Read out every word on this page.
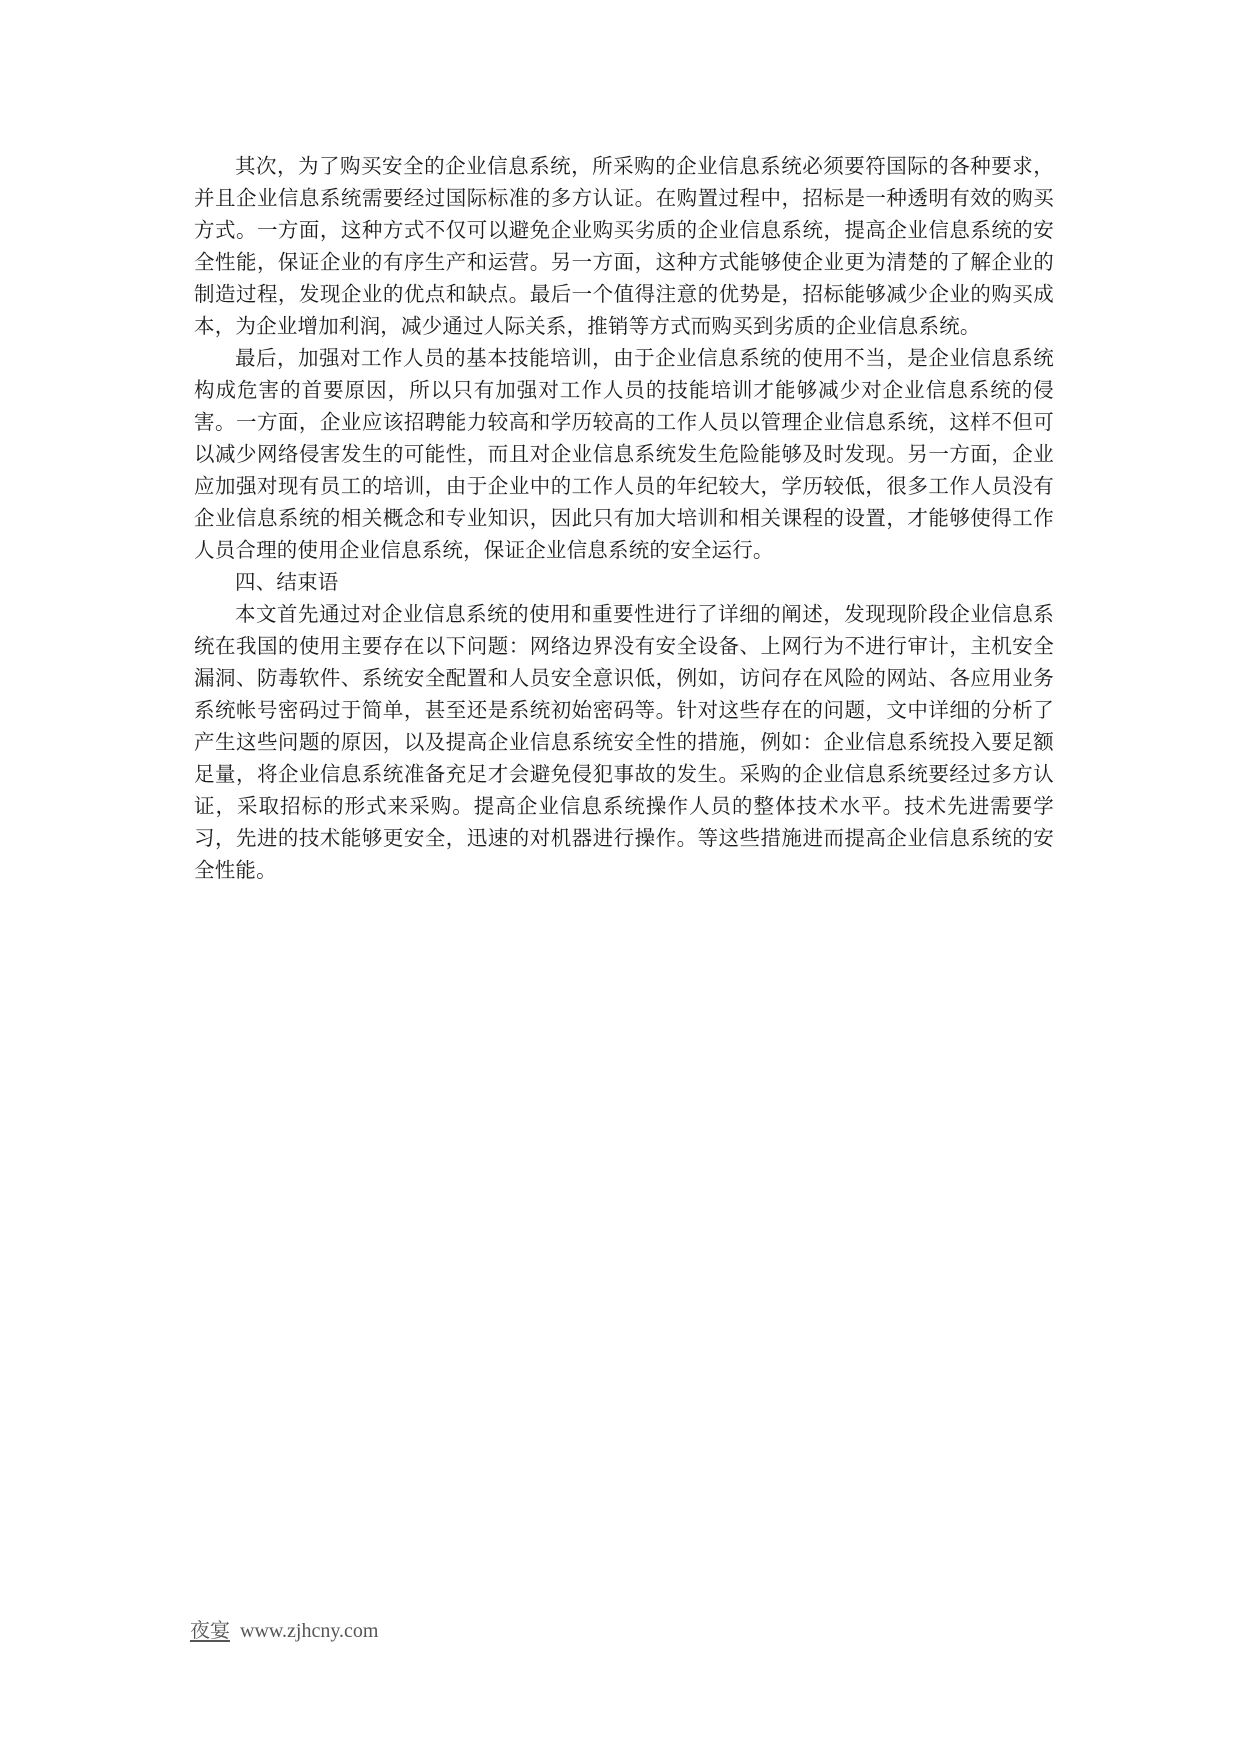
其次，为了购买安全的企业信息系统，所采购的企业信息系统必须要符国际的各种要求，并且企业信息系统需要经过国际标准的多方认证。在购置过程中，招标是一种透明有效的购买方式。一方面，这种方式不仅可以避免企业购买劣质的企业信息系统，提高企业信息系统的安全性能，保证企业的有序生产和运营。另一方面，这种方式能够使企业更为清楚的了解企业的制造过程，发现企业的优点和缺点。最后一个值得注意的优势是，招标能够减少企业的购买成本，为企业增加利润，减少通过人际关系，推销等方式而购买到劣质的企业信息系统。

最后，加强对工作人员的基本技能培训，由于企业信息系统的使用不当，是企业信息系统构成危害的首要原因，所以只有加强对工作人员的技能培训才能够减少对企业信息系统的侵害。一方面，企业应该招聘能力较高和学历较高的工作人员以管理企业信息系统，这样不但可以减少网络侵害发生的可能性，而且对企业信息系统发生危险能够及时发现。另一方面，企业应加强对现有员工的培训，由于企业中的工作人员的年纪较大，学历较低，很多工作人员没有企业信息系统的相关概念和专业知识，因此只有加大培训和相关课程的设置，才能够使得工作人员合理的使用企业信息系统，保证企业信息系统的安全运行。

四、结束语

本文首先通过对企业信息系统的使用和重要性进行了详细的阐述，发现现阶段企业信息系统在我国的使用主要存在以下问题：网络边界没有安全设备、上网行为不进行审计，主机安全漏洞、防毒软件、系统安全配置和人员安全意识低，例如，访问存在风险的网站、各应用业务系统帐号密码过于简单，甚至还是系统初始密码等。针对这些存在的问题，文中详细的分析了产生这些问题的原因，以及提高企业信息系统安全性的措施，例如：企业信息系统投入要足额足量，将企业信息系统准备充足才会避免侵犯事故的发生。采购的企业信息系统要经过多方认证，采取招标的形式来采购。提高企业信息系统操作人员的整体技术水平。技术先进需要学习，先进的技术能够更安全，迅速的对机器进行操作。等这些措施进而提高企业信息系统的安全性能。

夜宴 www.zjhcny.com
